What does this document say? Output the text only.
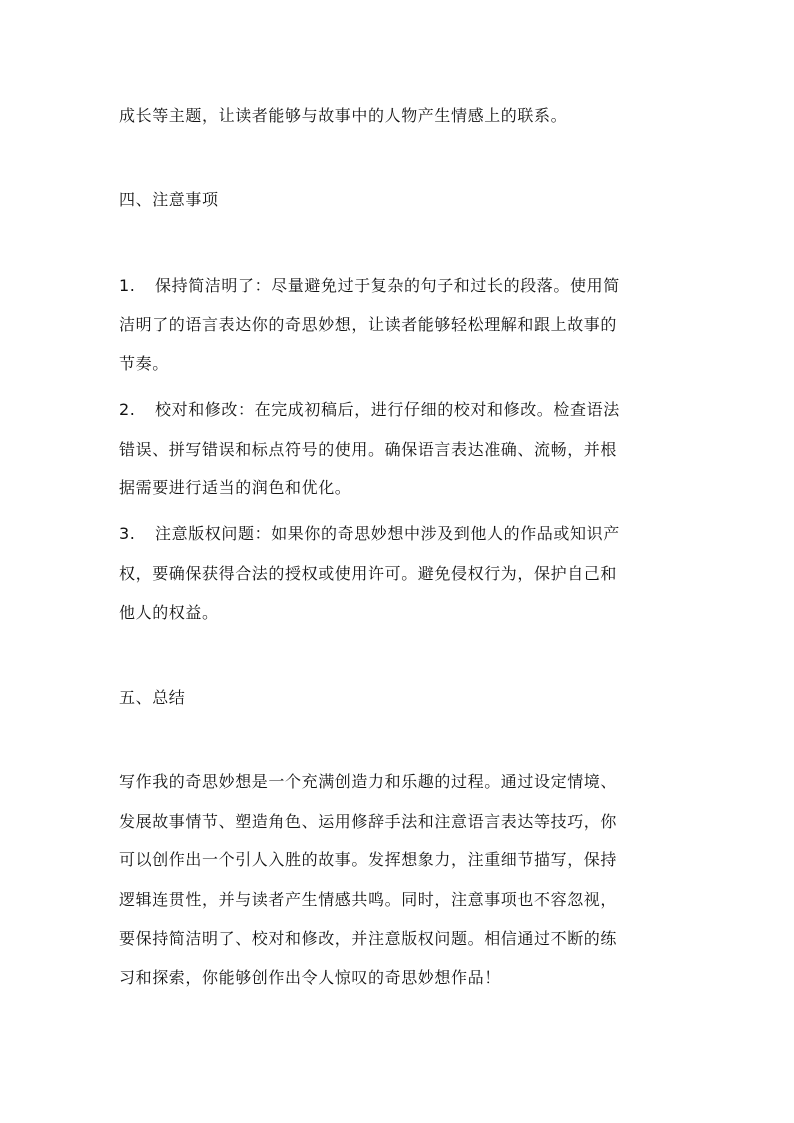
成长等主题，让读者能够与故事中的人物产生情感上的联系。
四、注意事项
1. 保持简洁明了：尽量避免过于复杂的句子和过长的段落。使用简
洁明了的语言表达你的奇思妙想，让读者能够轻松理解和跟上故事的
节奏。
2. 校对和修改：在完成初稿后，进行仔细的校对和修改。检查语法
错误、拼写错误和标点符号的使用。确保语言表达准确、流畅，并根
据需要进行适当的润色和优化。
3. 注意版权问题：如果你的奇思妙想中涉及到他人的作品或知识产
权，要确保获得合法的授权或使用许可。避免侵权行为，保护自己和
他人的权益。
五、总结
写作我的奇思妙想是一个充满创造力和乐趣的过程。通过设定情境、
发展故事情节、塑造角色、运用修辞手法和注意语言表达等技巧，你
可以创作出一个引人入胜的故事。发挥想象力，注重细节描写，保持
逻辑连贯性，并与读者产生情感共鸣。同时，注意事项也不容忽视，
要保持简洁明了、校对和修改，并注意版权问题。相信通过不断的练
习和探索，你能够创作出令人惊叹的奇思妙想作品！
